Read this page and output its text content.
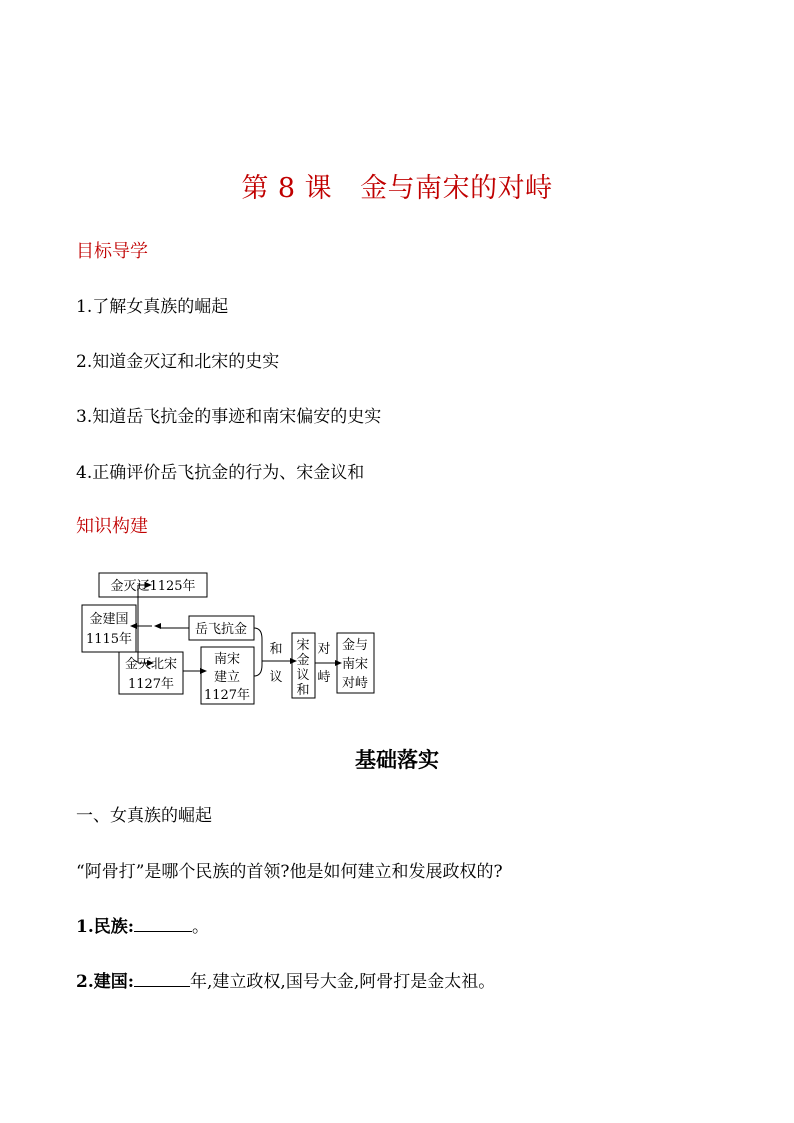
第 8 课 金与南宋的对峙
目标导学
1.了解女真族的崛起
2.知道金灭辽和北宋的史实
3.知道岳飞抗金的事迹和南宋偏安的史实
4.正确评价岳飞抗金的行为、宋金议和
知识构建
金灭辽1125年
金建国
1115年
岳飞抗金
金灭北宋
1127年
南宋
建立
1127年
和
议
宋
金
议
和
对
峙
金与
南宋
对峙
基础落实
一、女真族的崛起
“阿骨打”是哪个民族的首领?他是如何建立和发展政权的?
1.民族:	。
2.建国:	年,建立政权,国号大金,阿骨打是金太祖。
